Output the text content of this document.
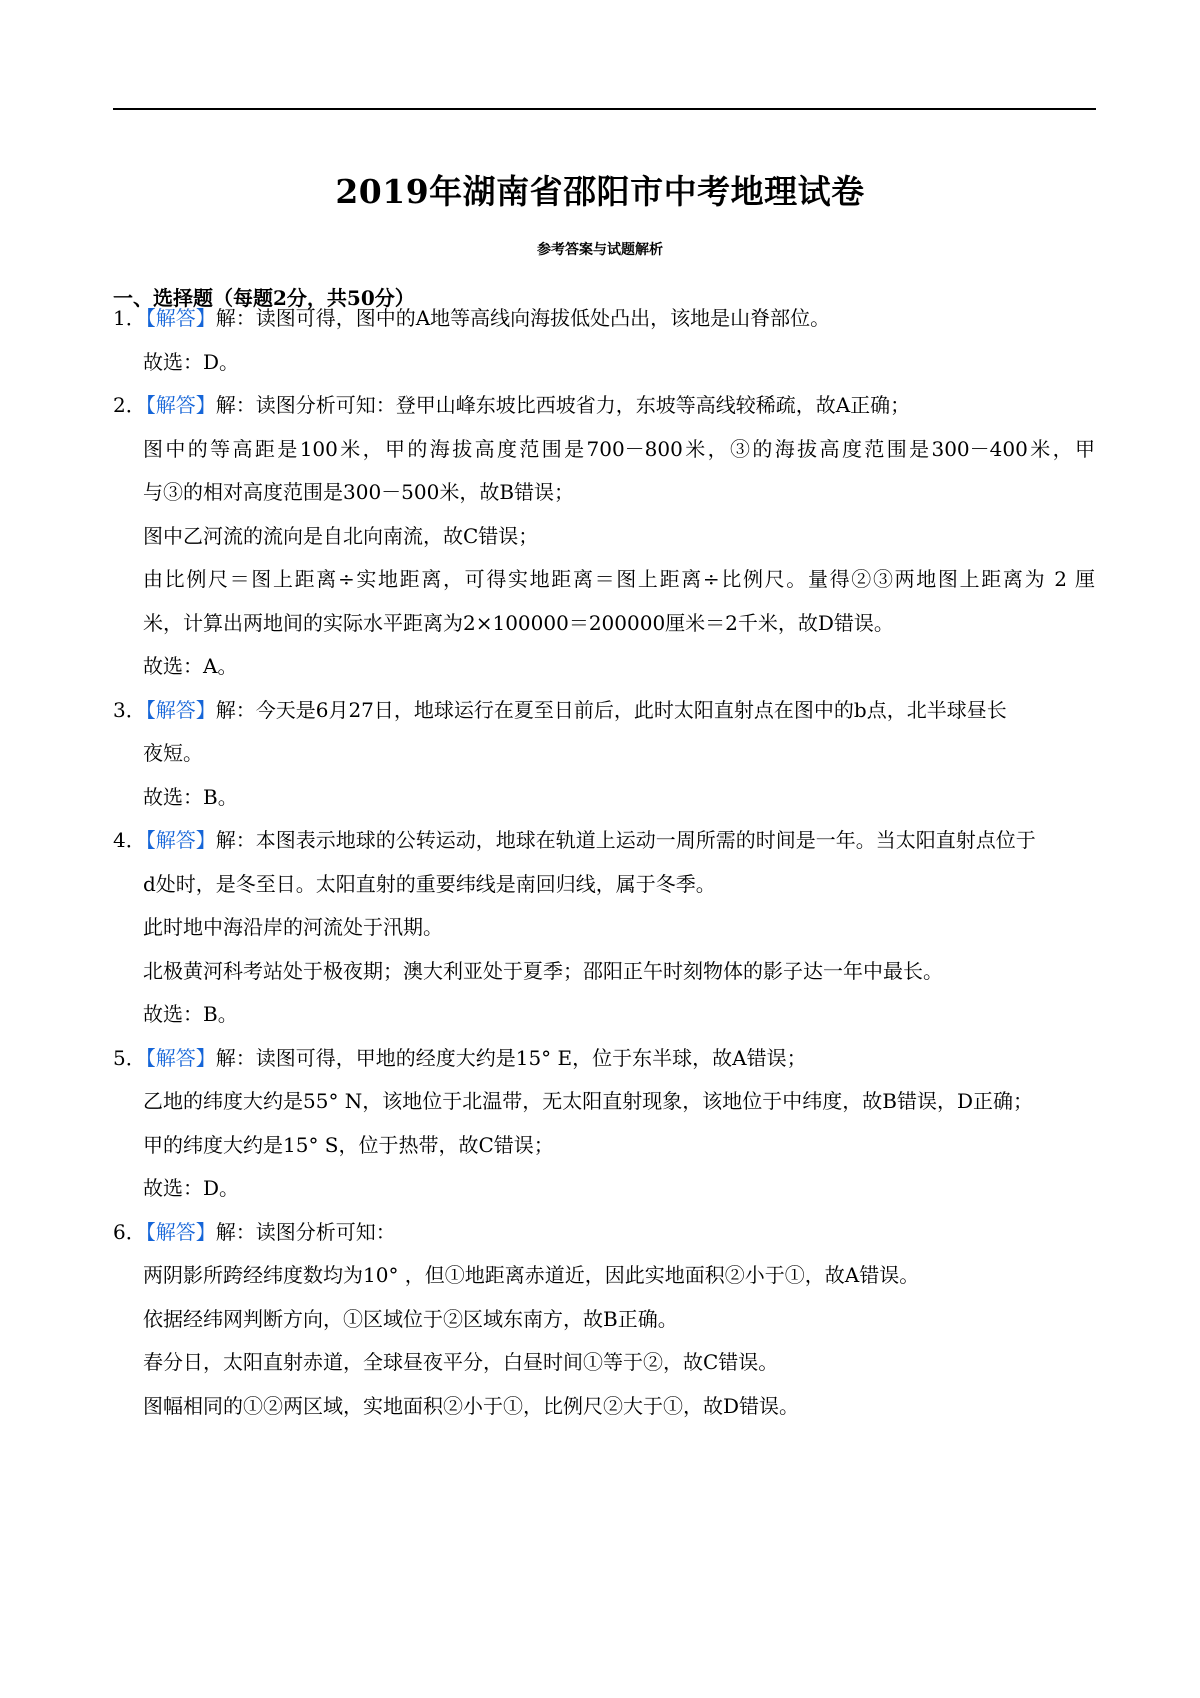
2019年湖南省邵阳市中考地理试卷
参考答案与试题解析
一、选择题（每题2分，共50分）
1．【解答】解：读图可得，图中的A地等高线向海拔低处凸出，该地是山脊部位。
故选：D。
2．【解答】解：读图分析可知：登甲山峰东坡比西坡省力，东坡等高线较稀疏，故A正确；
图中的等高距是100米，甲的海拔高度范围是700－800米，③的海拔高度范围是300－400米，甲
与③的相对高度范围是300－500米，故B错误；
图中乙河流的流向是自北向南流，故C错误；
由比例尺＝图上距离÷实地距离，可得实地距离＝图上距离÷比例尺。量得②③两地图上距离为 2 厘
米，计算出两地间的实际水平距离为2×100000＝200000厘米＝2千米，故D错误。
故选：A。
3．【解答】解：今天是6月27日，地球运行在夏至日前后，此时太阳直射点在图中的b点，北半球昼长
夜短。
故选：B。
4．【解答】解：本图表示地球的公转运动，地球在轨道上运动一周所需的时间是一年。当太阳直射点位于
d处时，是冬至日。太阳直射的重要纬线是南回归线，属于冬季。
此时地中海沿岸的河流处于汛期。
北极黄河科考站处于极夜期；澳大利亚处于夏季；邵阳正午时刻物体的影子达一年中最长。
故选：B。
5．【解答】解：读图可得，甲地的经度大约是15° E，位于东半球，故A错误；
乙地的纬度大约是55° N，该地位于北温带，无太阳直射现象，该地位于中纬度，故B错误，D正确；
甲的纬度大约是15° S，位于热带，故C错误；
故选：D。
6．【解答】解：读图分析可知：
两阴影所跨经纬度数均为10° ，但①地距离赤道近，因此实地面积②小于①，故A错误。
依据经纬网判断方向，①区域位于②区域东南方，故B正确。
春分日，太阳直射赤道，全球昼夜平分，白昼时间①等于②，故C错误。
图幅相同的①②两区域，实地面积②小于①，比例尺②大于①，故D错误。
